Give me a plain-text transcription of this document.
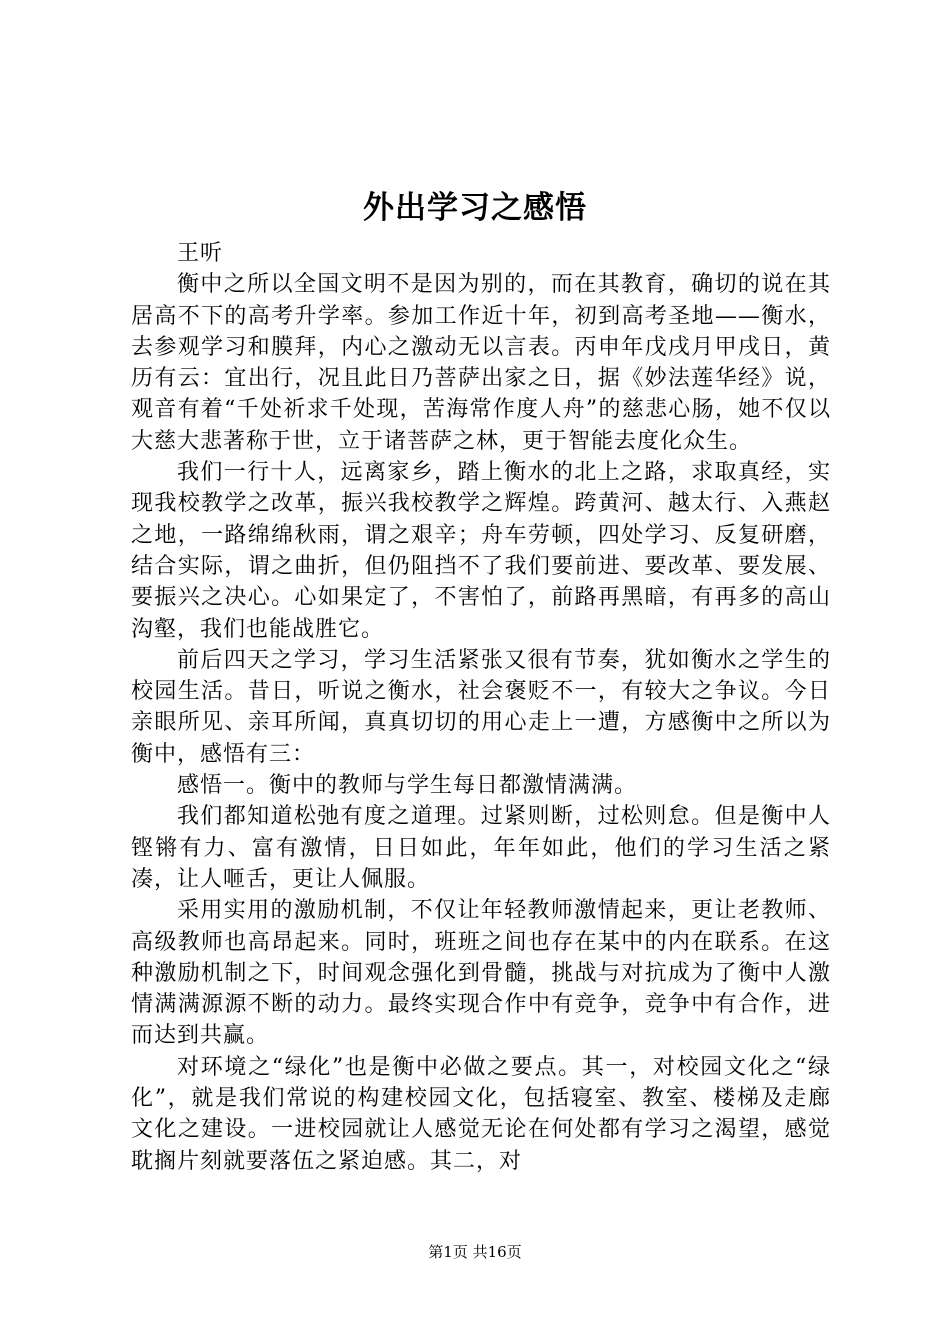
外出学习之感悟

王听

衡中之所以全国文明不是因为别的，而在其教育，确切的说在其居高不下的高考升学率。参加工作近十年，初到高考圣地——衡水，去参观学习和膜拜，内心之激动无以言表。丙申年戊戌月甲戌日，黄历有云：宜出行，况且此日乃菩萨出家之日，据《妙法莲华经》说，观音有着“千处祈求千处现，苦海常作度人舟”的慈悲心肠，她不仅以大慈大悲著称于世，立于诸菩萨之林，更于智能去度化众生。

我们一行十人，远离家乡，踏上衡水的北上之路，求取真经，实现我校教学之改革，振兴我校教学之辉煌。跨黄河、越太行、入燕赵之地，一路绵绵秋雨，谓之艰辛；舟车劳顿，四处学习、反复研磨，结合实际，谓之曲折，但仍阻挡不了我们要前进、要改革、要发展、要振兴之决心。心如果定了，不害怕了，前路再黑暗，有再多的高山沟壑，我们也能战胜它。

前后四天之学习，学习生活紧张又很有节奏，犹如衡水之学生的校园生活。昔日，听说之衡水，社会褒贬不一，有较大之争议。今日亲眼所见、亲耳所闻，真真切切的用心走上一遭，方感衡中之所以为衡中，感悟有三：

感悟一。衡中的教师与学生每日都激情满满。

我们都知道松弛有度之道理。过紧则断，过松则怠。但是衡中人铿锵有力、富有激情，日日如此，年年如此，他们的学习生活之紧凑，让人咂舌，更让人佩服。

采用实用的激励机制，不仅让年轻教师激情起来，更让老教师、高级教师也高昂起来。同时，班班之间也存在某中的内在联系。在这种激励机制之下，时间观念强化到骨髓，挑战与对抗成为了衡中人激情满满源源不断的动力。最终实现合作中有竞争，竞争中有合作，进而达到共赢。

对环境之“绿化”也是衡中必做之要点。其一，对校园文化之“绿化”，就是我们常说的构建校园文化，包括寝室、教室、楼梯及走廊文化之建设。一进校园就让人感觉无论在何处都有学习之渴望，感觉耽搁片刻就要落伍之紧迫感。其二，对

第1页 共16页
